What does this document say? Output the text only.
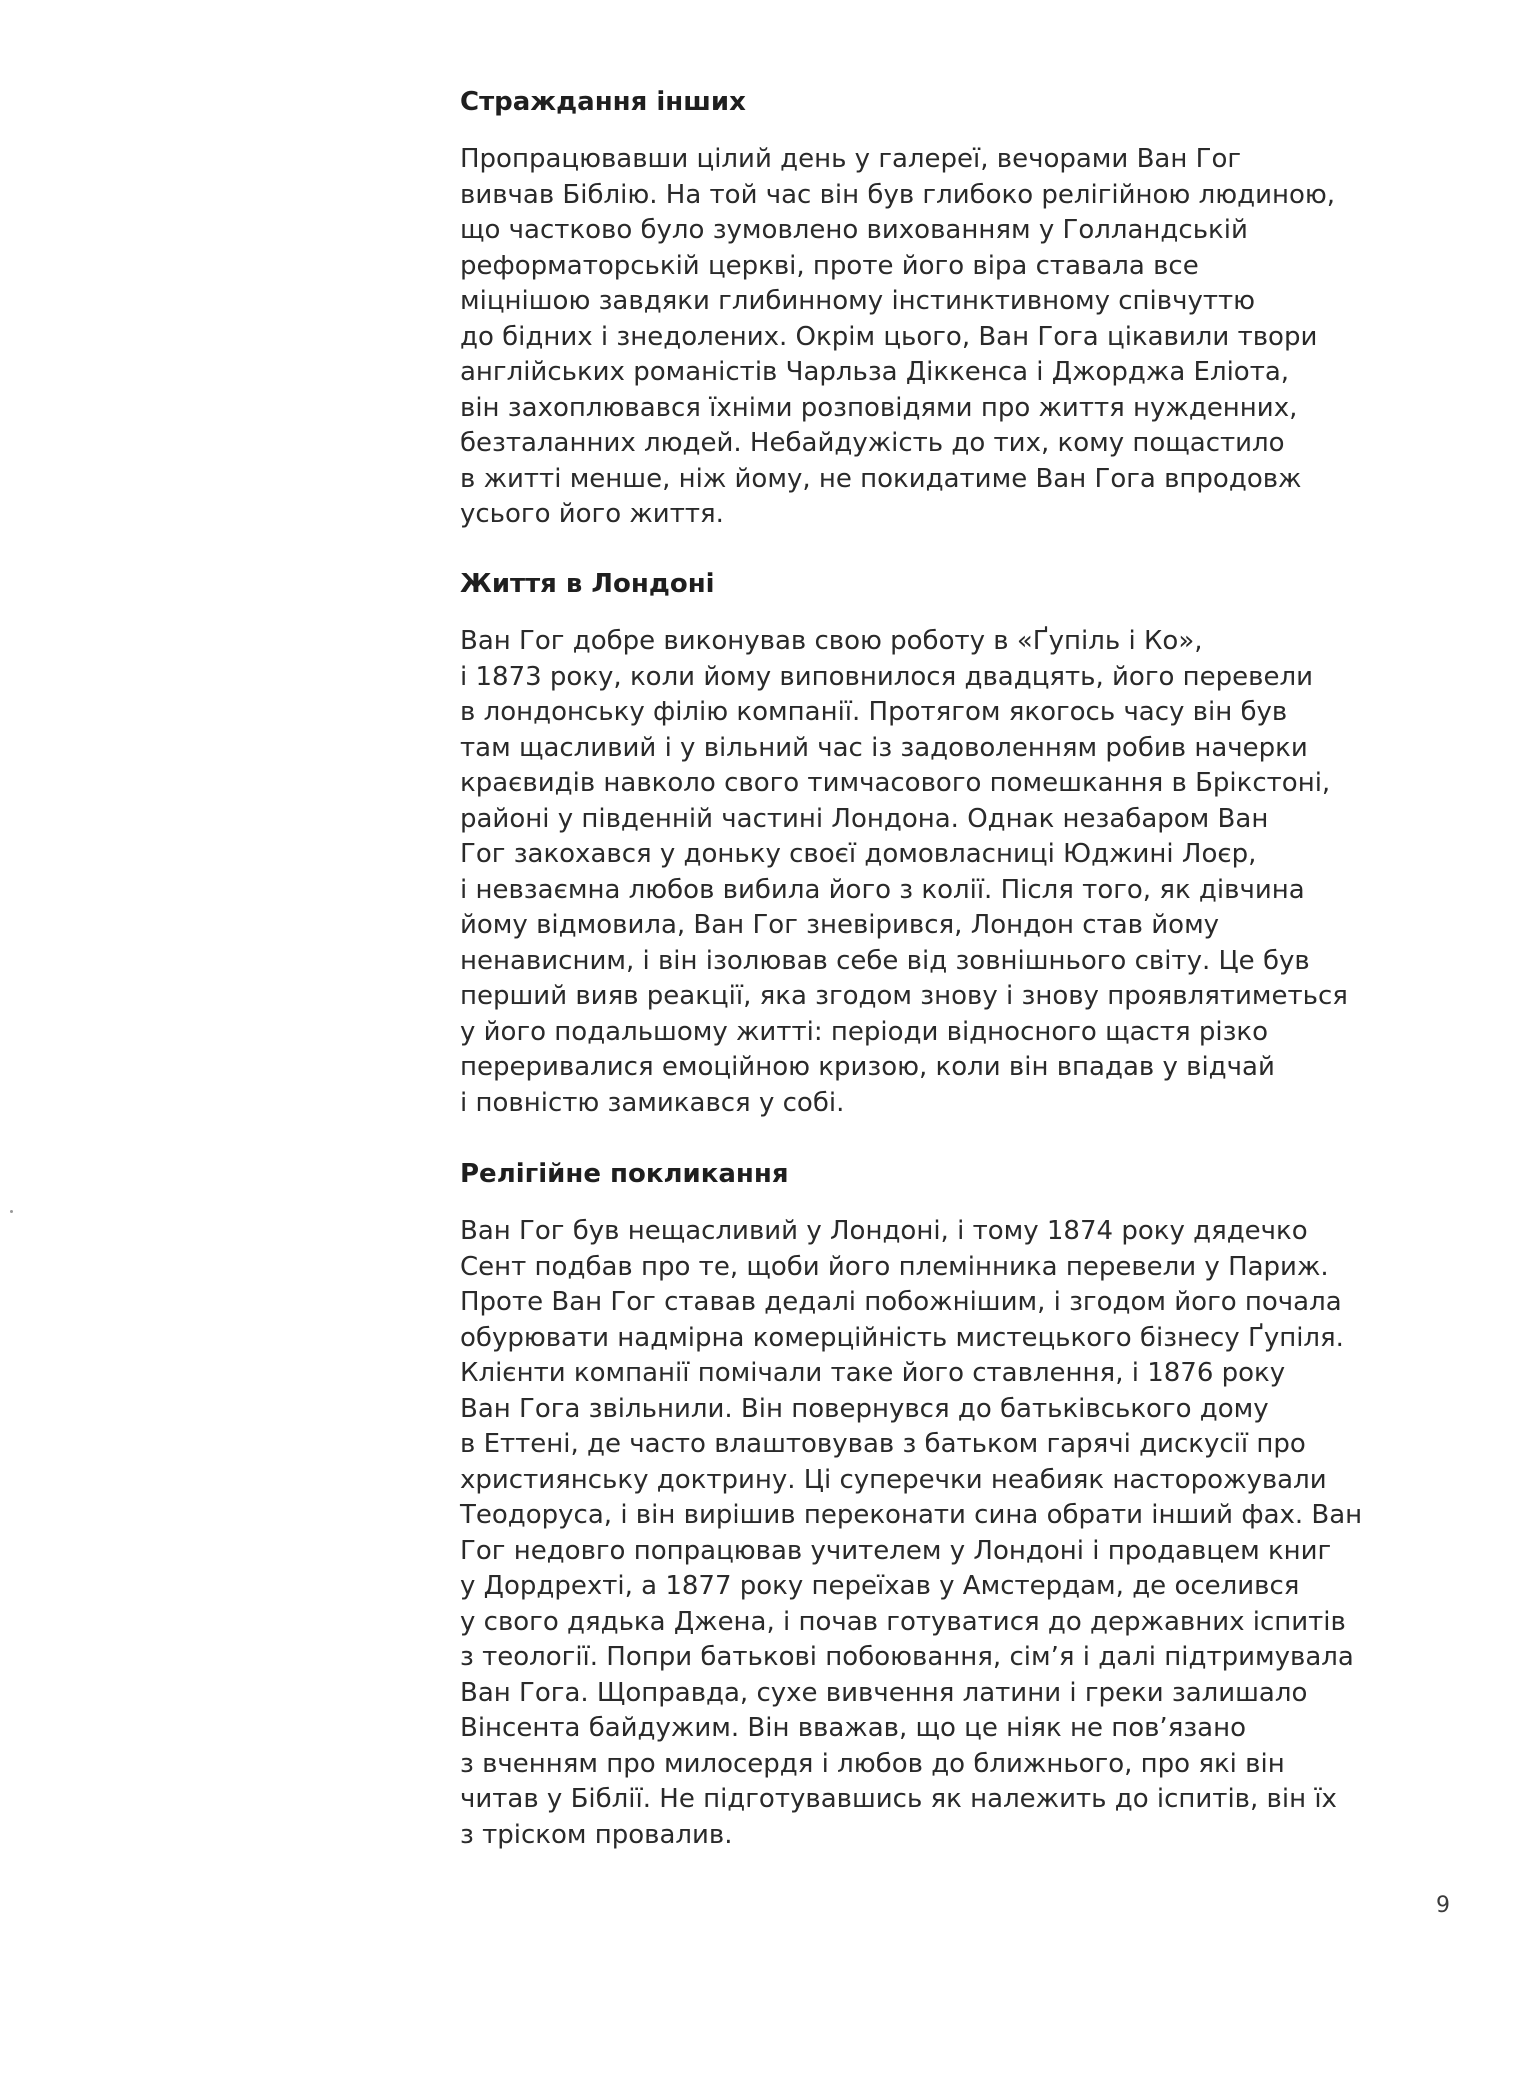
Страждання інших

Пропрацювавши цілий день у галереї, вечорами Ван Гог
вивчав Біблію. На той час він був глибоко релігійною людиною,
що частково було зумовлено вихованням у Голландській
реформаторській церкві, проте його віра ставала все
міцнішою завдяки глибинному інстинктивному співчуттю
до бідних і знедолених. Окрім цього, Ван Гога цікавили твори
англійських романістів Чарльза Діккенса і Джорджа Еліота,
він захоплювався їхніми розповідями про життя нужденних,
безталанних людей. Небайдужість до тих, кому пощастило
в житті менше, ніж йому, не покидатиме Ван Гога впродовж
усього його життя.

Життя в Лондоні

Ван Гог добре виконував свою роботу в «Ґупіль і Ко»,
і 1873 року, коли йому виповнилося двадцять, його перевели
в лондонську філію компанії. Протягом якогось часу він був
там щасливий і у вільний час із задоволенням робив начерки
краєвидів навколо свого тимчасового помешкання в Брікстоні,
районі у південній частині Лондона. Однак незабаром Ван
Гог закохався у доньку своєї домовласниці Юджині Лоєр,
і невзаємна любов вибила його з колії. Після того, як дівчина
йому відмовила, Ван Гог зневірився, Лондон став йому
ненависним, і він ізолював себе від зовнішнього світу. Це був
перший вияв реакції, яка згодом знову і знову проявлятиметься
у його подальшому житті: періоди відносного щастя різко
переривалися емоційною кризою, коли він впадав у відчай
і повністю замикався у собі.

Релігійне покликання

Ван Гог був нещасливий у Лондоні, і тому 1874 року дядечко
Сент подбав про те, щоби його племінника перевели у Париж.
Проте Ван Гог ставав дедалі побожнішим, і згодом його почала
обурювати надмірна комерційність мистецького бізнесу Ґупіля.
Клієнти компанії помічали таке його ставлення, і 1876 року
Ван Гога звільнили. Він повернувся до батьківського дому
в Еттені, де часто влаштовував з батьком гарячі дискусії про
християнську доктрину. Ці суперечки неабияк насторожували
Теодоруса, і він вирішив переконати сина обрати інший фах. Ван
Гог недовго попрацював учителем у Лондоні і продавцем книг
у Дордрехті, а 1877 року переїхав у Амстердам, де оселився
у свого дядька Джена, і почав готуватися до державних іспитів
з теології. Попри батькові побоювання, сім’я і далі підтримувала
Ван Гога. Щоправда, сухе вивчення латини і греки залишало
Вінсента байдужим. Він вважав, що це ніяк не пов’язано
з вченням про милосердя і любов до ближнього, про які він
читав у Біблії. Не підготувавшись як належить до іспитів, він їх
з тріском провалив.

9
